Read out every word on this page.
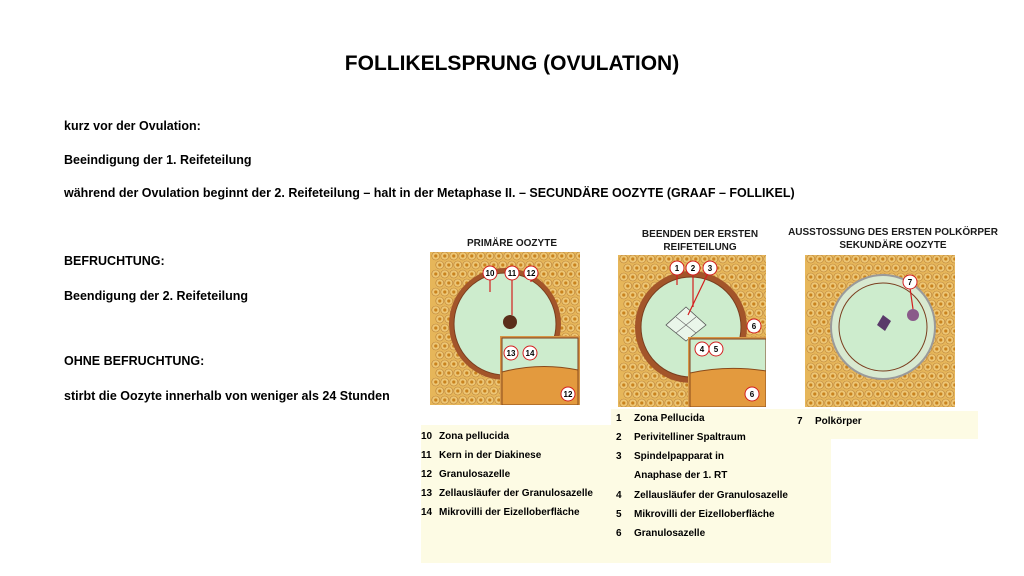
FOLLIKELSPRUNG (OVULATION)
kurz vor der Ovulation:
Beeindigung der 1. Reifeteilung
während der Ovulation beginnt der 2. Reifeteilung – halt in der Metaphase II. – SECUNDÄRE OOZYTE (GRAAF – FOLLIKEL)
BEFRUCHTUNG:
Beendigung der 2. Reifeteilung
OHNE BEFRUCHTUNG:
stirbt die Oozyte innerhalb von weniger als 24 Stunden
PRIMÄRE OOZYTE
BEENDEN DER ERSTEN
REIFETEILUNG
AUSSTOSSUNG DES ERSTEN POLKÖRPER
SEKUNDÄRE OOZYTE
10 11 12
13 14
12
1 2 3
6
4 5
6
7
10 Zona pellucida
11 Kern in der Diakinese
12 Granulosazelle
13 Zellausläufer der Granulosazelle
14 Mikrovilli der Eizelloberfläche
1	Zona Pellucida
2	Perivitelliner Spaltraum
3	Spindelpapparat in
Anaphase der 1. RT
4	Zellausläufer der Granulosazelle
5	Mikrovilli der Eizelloberfläche
6	Granulosazelle
7	Polkörper
